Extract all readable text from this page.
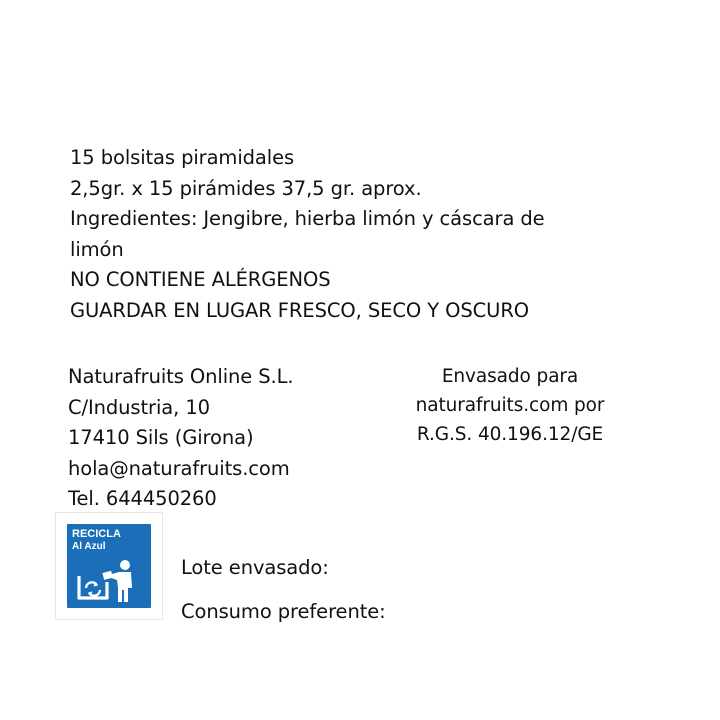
15 bolsitas piramidales
2,5gr. x 15 pirámides 37,5 gr. aprox.
Ingredientes: Jengibre, hierba limón y cáscara de
limón
NO CONTIENE ALÉRGENOS
GUARDAR EN LUGAR FRESCO, SECO Y OSCURO
Naturafruits Online S.L.
C/Industria, 10
17410 Sils (Girona)
hola@naturafruits.com
Tel. 644450260
Envasado para
naturafruits.com por
R.G.S. 40.196.12/GE
RECICLA
Al Azul
Lote envasado:
Consumo preferente:
